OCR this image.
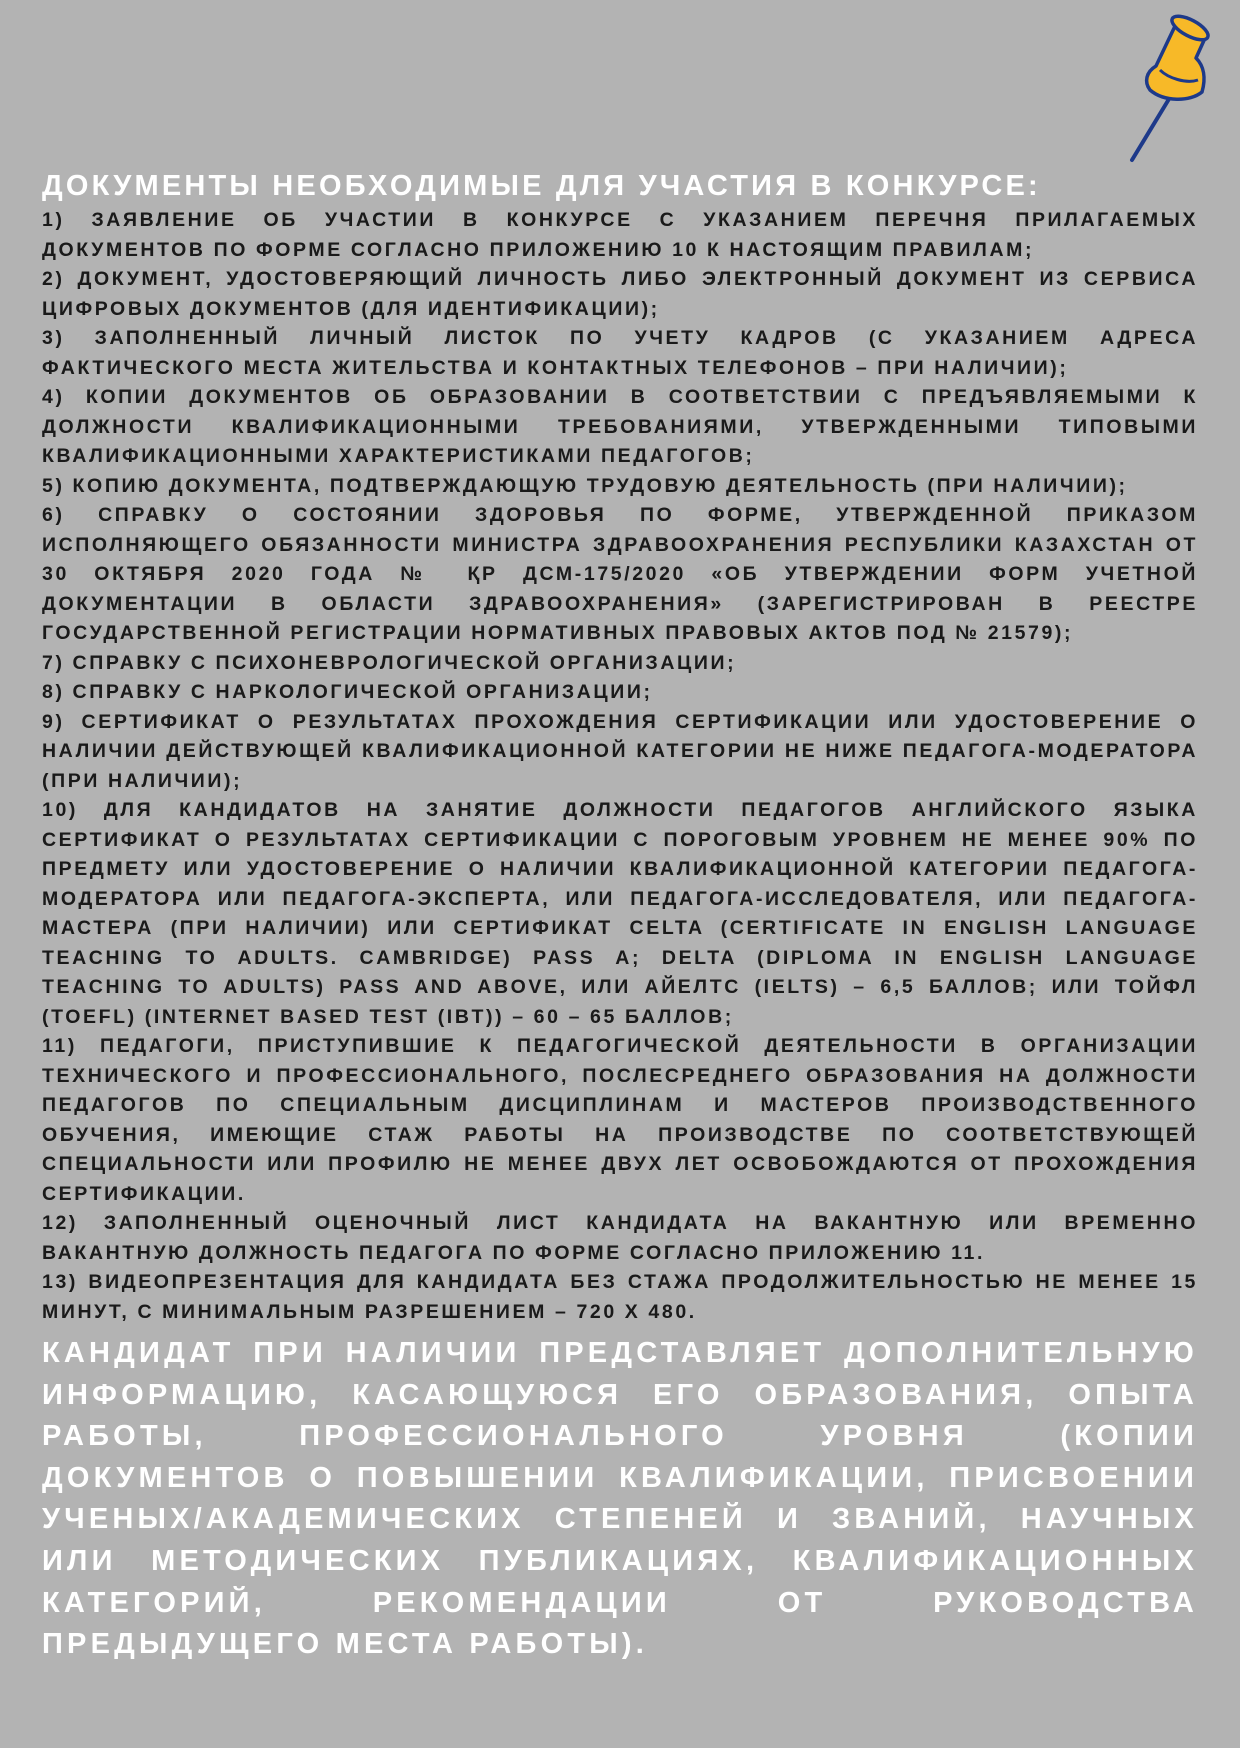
ДОКУМЕНТЫ НЕОБХОДИМЫЕ ДЛЯ УЧАСТИЯ В КОНКУРСЕ:
1) ЗАЯВЛЕНИЕ ОБ УЧАСТИИ В КОНКУРСЕ С УКАЗАНИЕМ ПЕРЕЧНЯ ПРИЛАГАЕМЫХ ДОКУМЕНТОВ ПО ФОРМЕ СОГЛАСНО ПРИЛОЖЕНИЮ 10 К НАСТОЯЩИМ ПРАВИЛАМ;
2) ДОКУМЕНТ, УДОСТОВЕРЯЮЩИЙ ЛИЧНОСТЬ ЛИБО ЭЛЕКТРОННЫЙ ДОКУМЕНТ ИЗ СЕРВИСА ЦИФРОВЫХ ДОКУМЕНТОВ (ДЛЯ ИДЕНТИФИКАЦИИ);
3) ЗАПОЛНЕННЫЙ ЛИЧНЫЙ ЛИСТОК ПО УЧЕТУ КАДРОВ (С УКАЗАНИЕМ АДРЕСА ФАКТИЧЕСКОГО МЕСТА ЖИТЕЛЬСТВА И КОНТАКТНЫХ ТЕЛЕФОНОВ – ПРИ НАЛИЧИИ);
4) КОПИИ ДОКУМЕНТОВ ОБ ОБРАЗОВАНИИ В СООТВЕТСТВИИ С ПРЕДЪЯВЛЯЕМЫМИ К ДОЛЖНОСТИ КВАЛИФИКАЦИОННЫМИ ТРЕБОВАНИЯМИ, УТВЕРЖДЕННЫМИ ТИПОВЫМИ КВАЛИФИКАЦИОННЫМИ ХАРАКТЕРИСТИКАМИ ПЕДАГОГОВ;
5) КОПИЮ ДОКУМЕНТА, ПОДТВЕРЖДАЮЩУЮ ТРУДОВУЮ ДЕЯТЕЛЬНОСТЬ (ПРИ НАЛИЧИИ);
6) СПРАВКУ О СОСТОЯНИИ ЗДОРОВЬЯ ПО ФОРМЕ, УТВЕРЖДЕННОЙ ПРИКАЗОМ ИСПОЛНЯЮЩЕГО ОБЯЗАННОСТИ МИНИСТРА ЗДРАВООХРАНЕНИЯ РЕСПУБЛИКИ КАЗАХСТАН ОТ 30 ОКТЯБРЯ 2020 ГОДА № ҚР ДСМ-175/2020 «ОБ УТВЕРЖДЕНИИ ФОРМ УЧЕТНОЙ ДОКУМЕНТАЦИИ В ОБЛАСТИ ЗДРАВООХРАНЕНИЯ» (ЗАРЕГИСТРИРОВАН В РЕЕСТРЕ ГОСУДАРСТВЕННОЙ РЕГИСТРАЦИИ НОРМАТИВНЫХ ПРАВОВЫХ АКТОВ ПОД № 21579);
7) СПРАВКУ С ПСИХОНЕВРОЛОГИЧЕСКОЙ ОРГАНИЗАЦИИ;
8) СПРАВКУ С НАРКОЛОГИЧЕСКОЙ ОРГАНИЗАЦИИ;
9) СЕРТИФИКАТ О РЕЗУЛЬТАТАХ ПРОХОЖДЕНИЯ СЕРТИФИКАЦИИ ИЛИ УДОСТОВЕРЕНИЕ О НАЛИЧИИ ДЕЙСТВУЮЩЕЙ КВАЛИФИКАЦИОННОЙ КАТЕГОРИИ НЕ НИЖЕ ПЕДАГОГА-МОДЕРАТОРА (ПРИ НАЛИЧИИ);
10) ДЛЯ КАНДИДАТОВ НА ЗАНЯТИЕ ДОЛЖНОСТИ ПЕДАГОГОВ АНГЛИЙСКОГО ЯЗЫКА СЕРТИФИКАТ О РЕЗУЛЬТАТАХ СЕРТИФИКАЦИИ С ПОРОГОВЫМ УРОВНЕМ НЕ МЕНЕЕ 90% ПО ПРЕДМЕТУ ИЛИ УДОСТОВЕРЕНИЕ О НАЛИЧИИ КВАЛИФИКАЦИОННОЙ КАТЕГОРИИ ПЕДАГОГА-МОДЕРАТОРА ИЛИ ПЕДАГОГА-ЭКСПЕРТА, ИЛИ ПЕДАГОГА-ИССЛЕДОВАТЕЛЯ, ИЛИ ПЕДАГОГА-МАСТЕРА (ПРИ НАЛИЧИИ) ИЛИ СЕРТИФИКАТ CELTA (CERTIFICATE IN ENGLISH LANGUAGE TEACHING TO ADULTS. CAMBRIDGE) PASS A; DELTA (DIPLOMA IN ENGLISH LANGUAGE TEACHING TO ADULTS) PASS AND ABOVE, ИЛИ АЙЕЛТС (IELTS) – 6,5 БАЛЛОВ; ИЛИ ТОЙФЛ (TOEFL) (INTERNET BASED TEST (IBT)) – 60 – 65 БАЛЛОВ;
11) ПЕДАГОГИ, ПРИСТУПИВШИЕ К ПЕДАГОГИЧЕСКОЙ ДЕЯТЕЛЬНОСТИ В ОРГАНИЗАЦИИ ТЕХНИЧЕСКОГО И ПРОФЕССИОНАЛЬНОГО, ПОСЛЕСРЕДНЕГО ОБРАЗОВАНИЯ НА ДОЛЖНОСТИ ПЕДАГОГОВ ПО СПЕЦИАЛЬНЫМ ДИСЦИПЛИНАМ И МАСТЕРОВ ПРОИЗВОДСТВЕННОГО ОБУЧЕНИЯ, ИМЕЮЩИЕ СТАЖ РАБОТЫ НА ПРОИЗВОДСТВЕ ПО СООТВЕТСТВУЮЩЕЙ СПЕЦИАЛЬНОСТИ ИЛИ ПРОФИЛЮ НЕ МЕНЕЕ ДВУХ ЛЕТ ОСВОБОЖДАЮТСЯ ОТ ПРОХОЖДЕНИЯ СЕРТИФИКАЦИИ.
12) ЗАПОЛНЕННЫЙ ОЦЕНОЧНЫЙ ЛИСТ КАНДИДАТА НА ВАКАНТНУЮ ИЛИ ВРЕМЕННО ВАКАНТНУЮ ДОЛЖНОСТЬ ПЕДАГОГА ПО ФОРМЕ СОГЛАСНО ПРИЛОЖЕНИЮ 11.
13) ВИДЕОПРЕЗЕНТАЦИЯ ДЛЯ КАНДИДАТА БЕЗ СТАЖА ПРОДОЛЖИТЕЛЬНОСТЬЮ НЕ МЕНЕЕ 15 МИНУТ, С МИНИМАЛЬНЫМ РАЗРЕШЕНИЕМ – 720 X 480.

КАНДИДАТ ПРИ НАЛИЧИИ ПРЕДСТАВЛЯЕТ ДОПОЛНИТЕЛЬНУЮ ИНФОРМАЦИЮ, КАСАЮЩУЮСЯ ЕГО ОБРАЗОВАНИЯ, ОПЫТА РАБОТЫ, ПРОФЕССИОНАЛЬНОГО УРОВНЯ (КОПИИ ДОКУМЕНТОВ О ПОВЫШЕНИИ КВАЛИФИКАЦИИ, ПРИСВОЕНИИ УЧЕНЫХ/АКАДЕМИЧЕСКИХ СТЕПЕНЕЙ И ЗВАНИЙ, НАУЧНЫХ ИЛИ МЕТОДИЧЕСКИХ ПУБЛИКАЦИЯХ, КВАЛИФИКАЦИОННЫХ КАТЕГОРИЙ, РЕКОМЕНДАЦИИ ОТ РУКОВОДСТВА ПРЕДЫДУЩЕГО МЕСТА РАБОТЫ).
